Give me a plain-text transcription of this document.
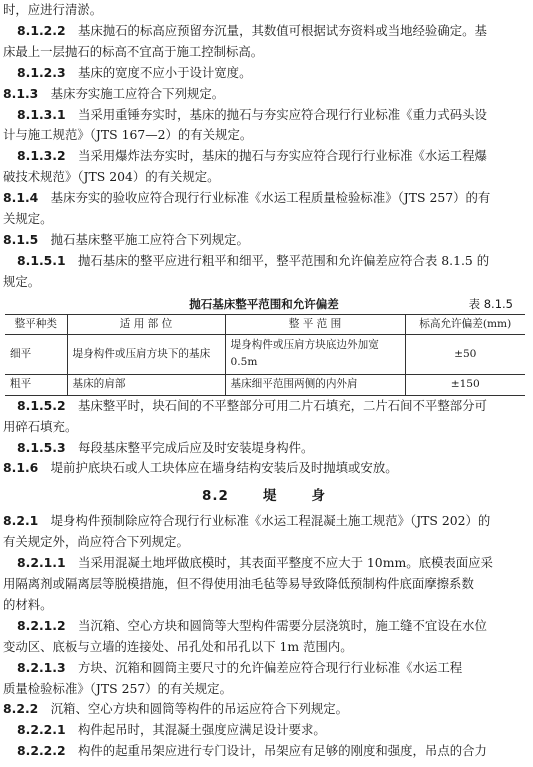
时，应进行清淤。

8.1.2.2  基床抛石的标高应预留夯沉量，其数值可根据试夯资料或当地经验确定。基

床最上一层抛石的标高不宜高于施工控制标高。

8.1.2.3  基床的宽度不应小于设计宽度。

8.1.3  基床夯实施工应符合下列规定。

8.1.3.1  当采用重锤夯实时，基床的抛石与夯实应符合现行行业标准《重力式码头设

计与施工规范》（JTS 167—2）的有关规定。

8.1.3.2  当采用爆炸法夯实时，基床的抛石与夯实应符合现行行业标准《水运工程爆

破技术规范》（JTS 204）的有关规定。

8.1.4  基床夯实的验收应符合现行行业标准《水运工程质量检验标准》（JTS 257）的有

关规定。

8.1.5  抛石基床整平施工应符合下列规定。

8.1.5.1  抛石基床的整平应进行粗平和细平，整平范围和允许偏差应符合表 8.1.5 的

规定。

抛石基床整平范围和允许偏差	表 8.1.5
整平种类	适 用 部 位	整 平 范 围	标高允许偏差(mm)
细平	堤身构件或压肩方块下的基床	堤身构件或压肩方块底边外加宽 0.5m	±50
粗平	基床的肩部	基床细平范围两侧的内外肩	±150

8.1.5.2  基床整平时，块石间的不平整部分可用二片石填充，二片石间不平整部分可

用碎石填充。

8.1.5.3  每段基床整平完成后应及时安装堤身构件。

8.1.6  堤前护底块石或人工块体应在墙身结构安装后及时抛填或安放。

8.2	堤	身

8.2.1  堤身构件预制除应符合现行行业标准《水运工程混凝土施工规范》（JTS 202）的

有关规定外，尚应符合下列规定。

8.2.1.1  当采用混凝土地坪做底模时，其表面平整度不应大于 10mm。底模表面应采

用隔离剂或隔离层等脱模措施，但不得使用油毛毡等易导致降低预制构件底面摩擦系数

的材料。

8.2.1.2  当沉箱、空心方块和圆筒等大型构件需要分层浇筑时，施工缝不宜设在水位

变动区、底板与立墙的连接处、吊孔处和吊孔以下 1m 范围内。

8.2.1.3  方块、沉箱和圆筒主要尺寸的允许偏差应符合现行行业标准《水运工程

质量检验标准》（JTS 257）的有关规定。

8.2.2  沉箱、空心方块和圆筒等构件的吊运应符合下列规定。

8.2.2.1  构件起吊时，其混凝土强度应满足设计要求。

8.2.2.2  构件的起重吊架应进行专门设计，吊架应有足够的刚度和强度，吊点的合力
